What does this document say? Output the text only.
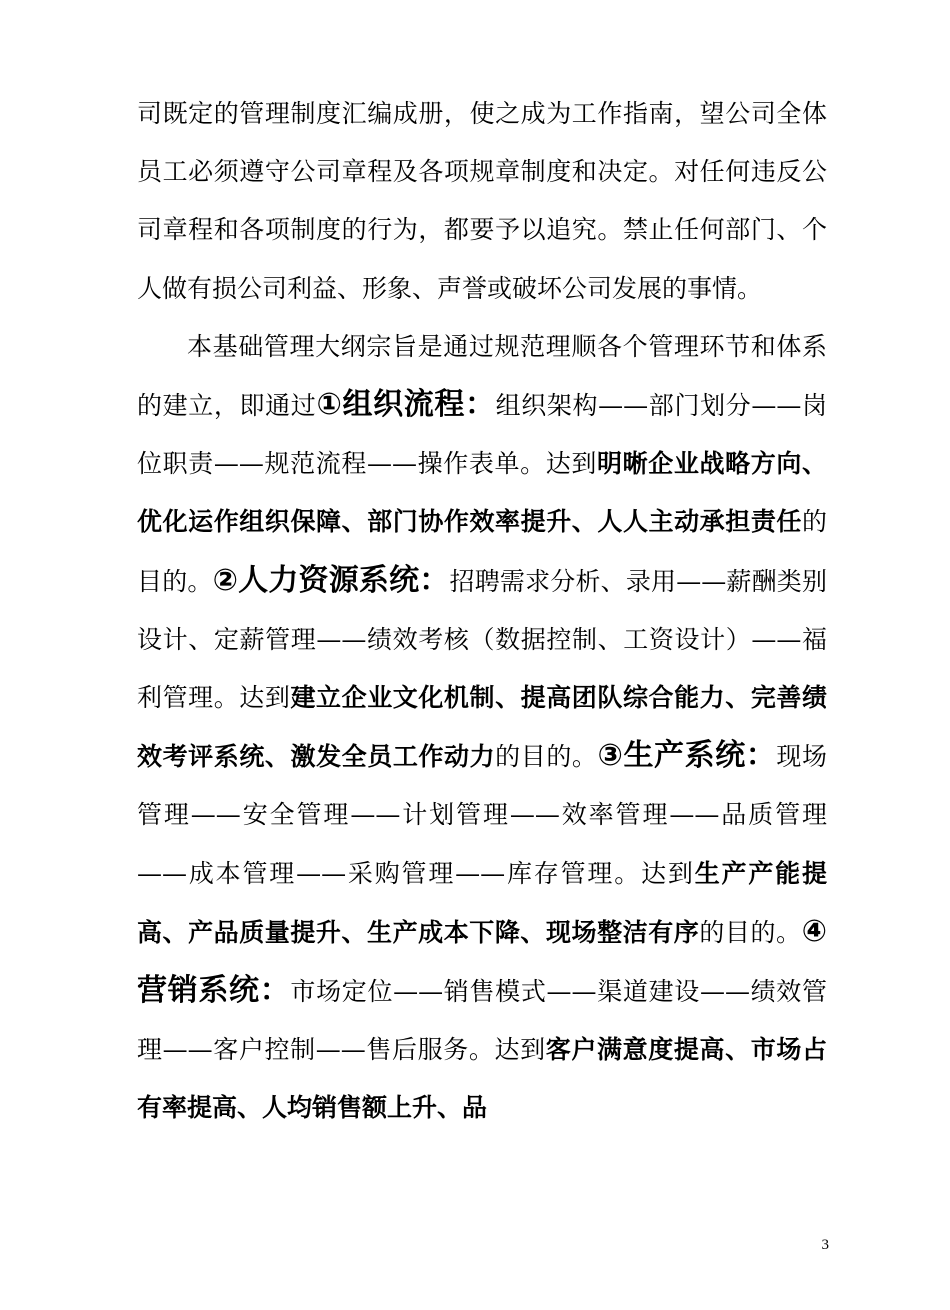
司既定的管理制度汇编成册，使之成为工作指南，望公司全体员工必须遵守公司章程及各项规章制度和决定。对任何违反公司章程和各项制度的行为，都要予以追究。禁止任何部门、个人做有损公司利益、形象、声誉或破坏公司发展的事情。

本基础管理大纲宗旨是通过规范理顺各个管理环节和体系的建立，即通过①组织流程：组织架构——部门划分——岗位职责——规范流程——操作表单。达到明晰企业战略方向、优化运作组织保障、部门协作效率提升、人人主动承担责任的目的。②人力资源系统：招聘需求分析、录用——薪酬类别设计、定薪管理——绩效考核（数据控制、工资设计）——福利管理。达到建立企业文化机制、提高团队综合能力、完善绩效考评系统、激发全员工作动力的目的。③生产系统：现场管理——安全管理——计划管理——效率管理——品质管理——成本管理——采购管理——库存管理。达到生产产能提高、产品质量提升、生产成本下降、现场整洁有序的目的。④营销系统：市场定位——销售模式——渠道建设——绩效管理——客户控制——售后服务。达到客户满意度提高、市场占有率提高、人均销售额上升、品

3
